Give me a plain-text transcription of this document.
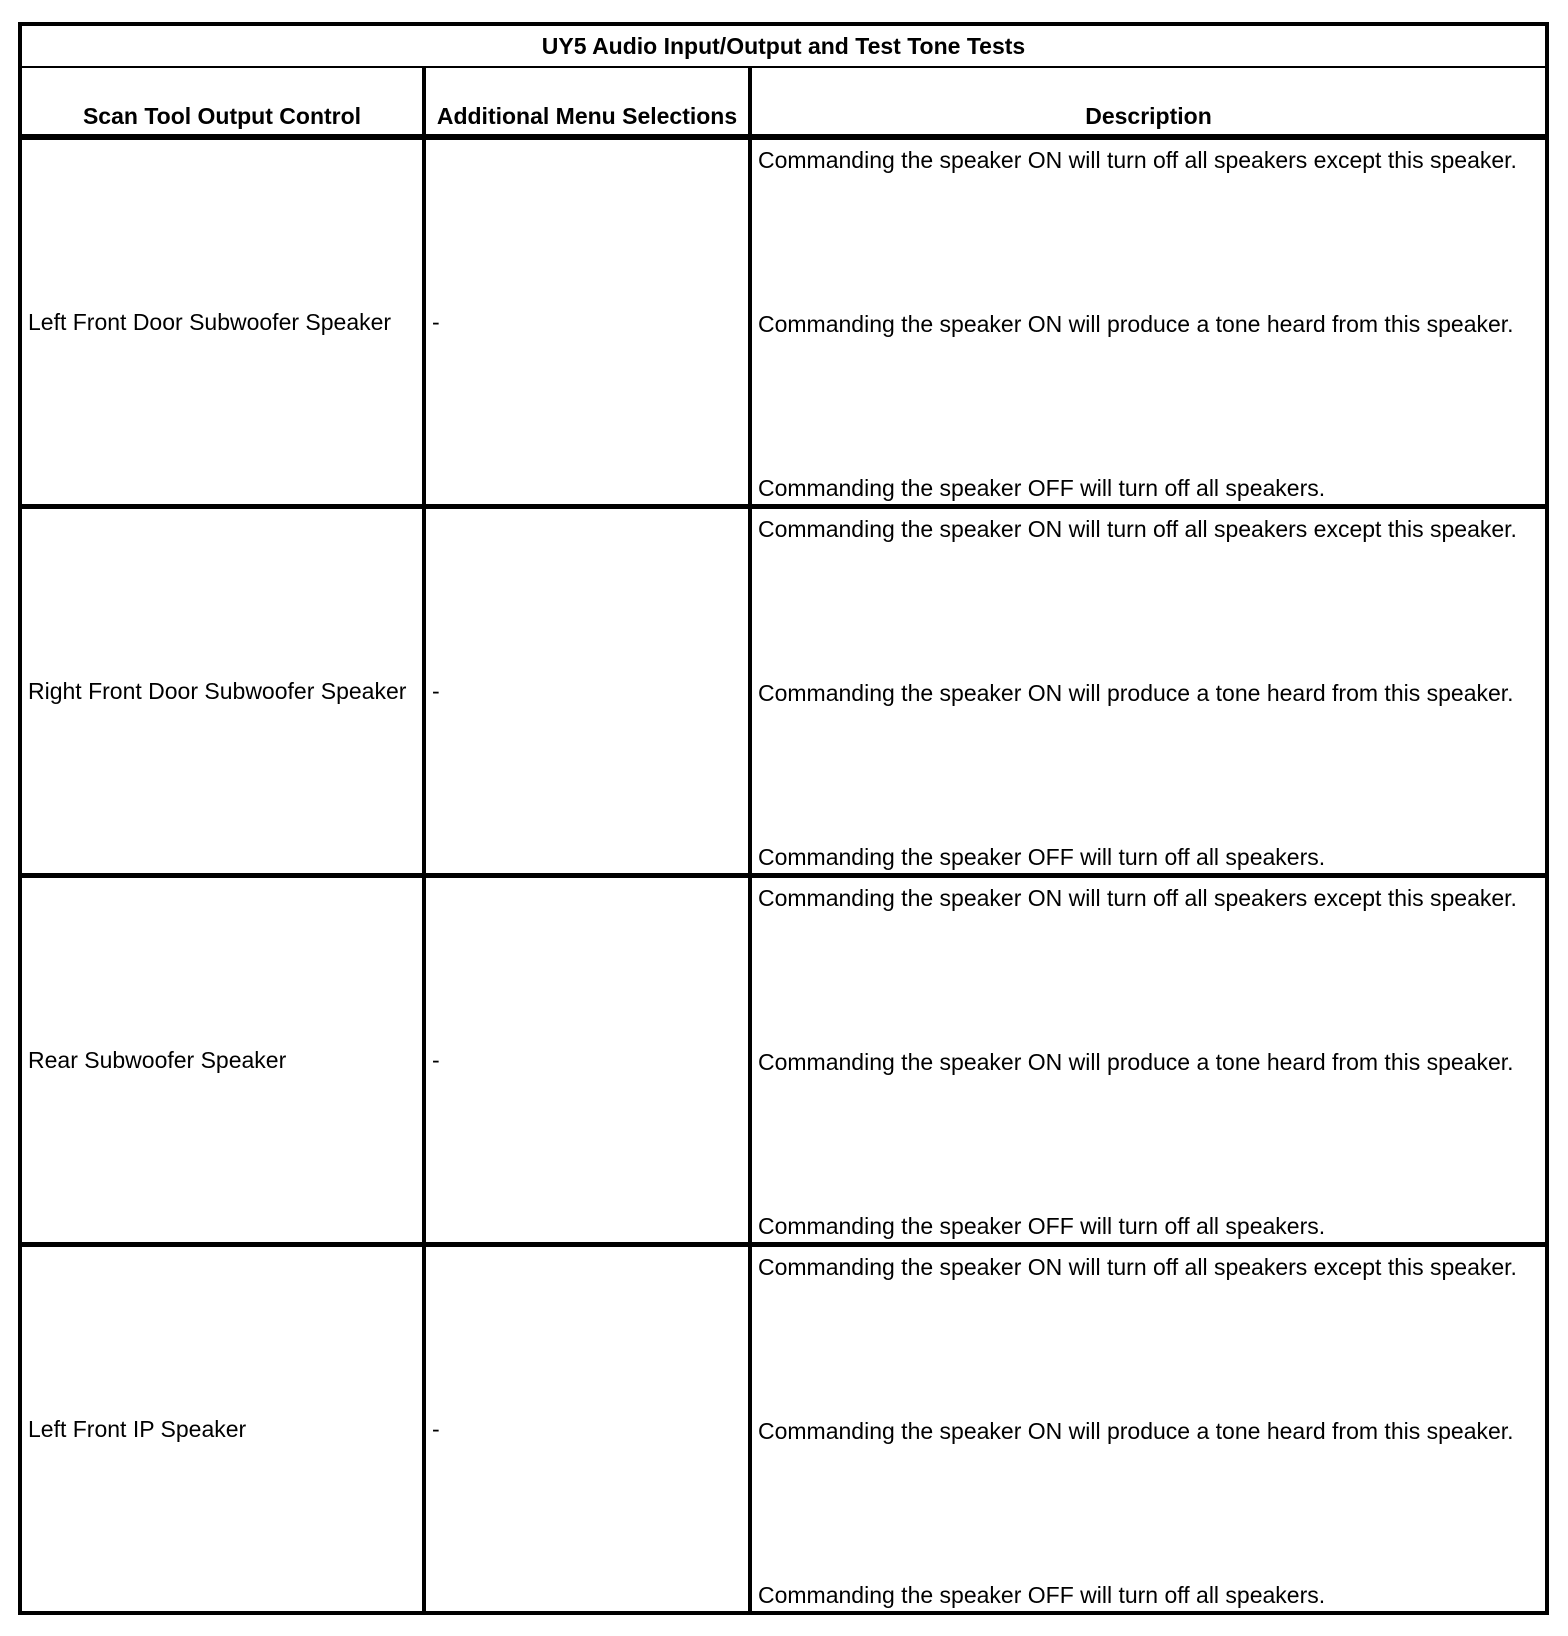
UY5 Audio Input/Output and Test Tone Tests		
Scan Tool Output Control	Additional Menu Selections	Description
Left Front Door Subwoofer Speaker	-	Commanding the speaker ON will turn off all speakers except this speaker.
Commanding the speaker ON will produce a tone heard from this speaker.
Commanding the speaker OFF will turn off all speakers.

Right Front Door Subwoofer Speaker	-	Commanding the speaker ON will turn off all speakers except this speaker.
Commanding the speaker ON will produce a tone heard from this speaker.
Commanding the speaker OFF will turn off all speakers.

Rear Subwoofer Speaker	-	Commanding the speaker ON will turn off all speakers except this speaker.
Commanding the speaker ON will produce a tone heard from this speaker.
Commanding the speaker OFF will turn off all speakers.

Left Front IP Speaker	-	Commanding the speaker ON will turn off all speakers except this speaker.
Commanding the speaker ON will produce a tone heard from this speaker.
Commanding the speaker OFF will turn off all speakers.
